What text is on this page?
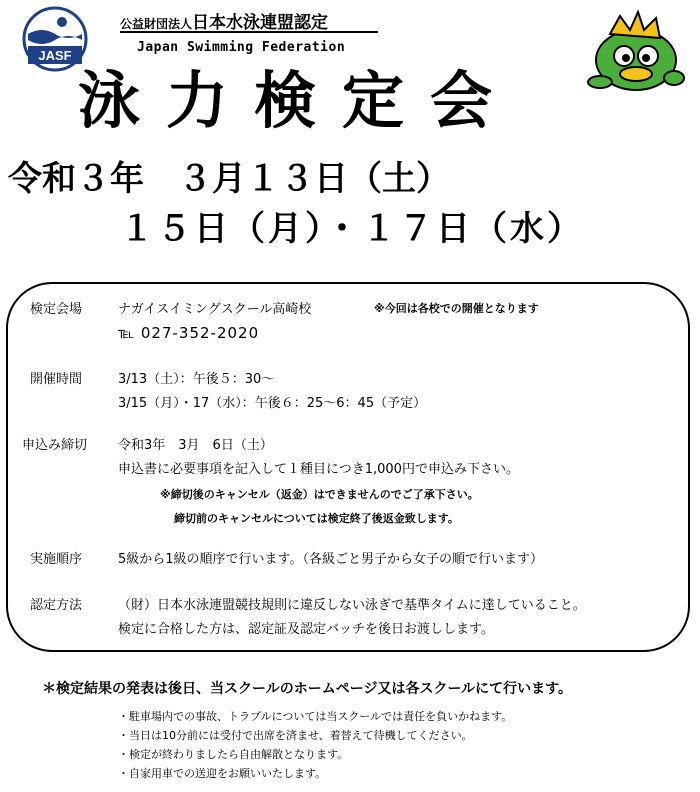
JASF
公益財団法人日本水泳連盟認定
Japan Swimming Federation
泳力検定会
令和３年　３月１３日（土）
１５日（月）・１７日（水）
検定会場	ナガイスイミングスクール高崎校	※今回は各校での開催となります
℡ 027-352-2020
開催時間	3/13（土）：午後５：30～
3/15（月）・17（水）：午後６：25～6：45（予定）
申込み締切 令和3年　3月　6日（土）
申込書に必要事項を記入して１種目につき1,000円で申込み下さい。
※締切後のキャンセル（返金）はできませんのでご了承下さい。
締切前のキャンセルについては検定終了後返金致します。
実施順序	5級から1級の順序で行います。（各級ごと男子から女子の順で行います）
認定方法	（財）日本水泳連盟競技規則に違反しない泳ぎで基準タイムに達していること。
検定に合格した方は、認定証及認定バッチを後日お渡しします。
＊検定結果の発表は後日、当スクールのホームページ又は各スクールにて行います。
・駐車場内での事故、トラブルについては当スクールでは責任を負いかねます。
・当日は10分前には受付で出席を済ませ、着替えて待機してください。
・検定が終わりましたら自由解散となります。
・自家用車での送迎をお願いいたします。
